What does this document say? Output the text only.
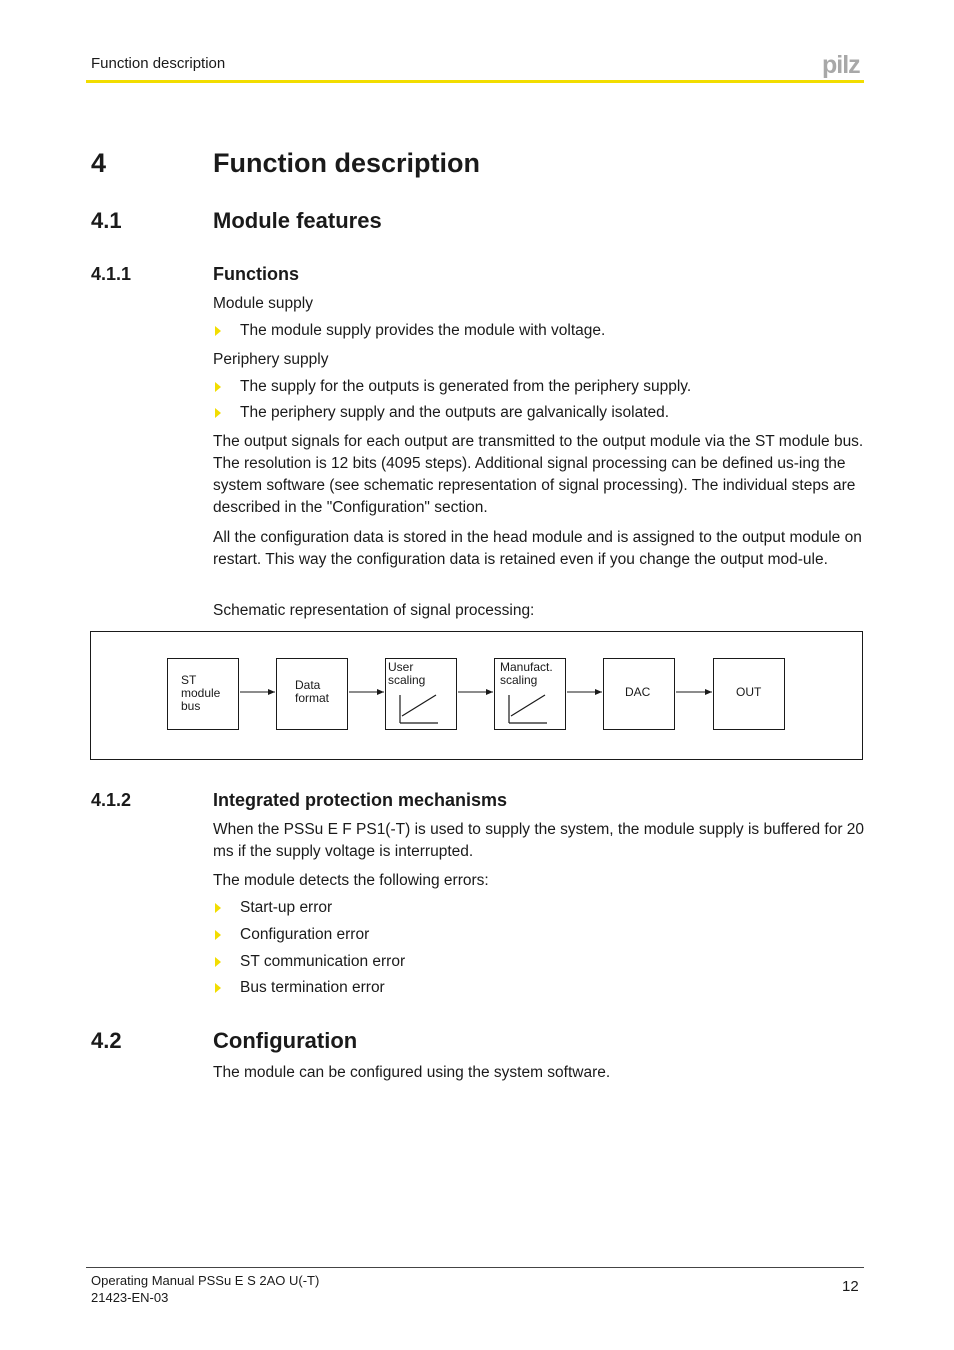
Function description	pilz
4	Function description
4.1	Module features
4.1.1	Functions
Module supply
The module supply provides the module with voltage.
Periphery supply
The supply for the outputs is generated from the periphery supply.
The periphery supply and the outputs are galvanically isolated.
The output signals for each output are transmitted to the output module via the ST module bus. The resolution is 12 bits (4095 steps). Additional signal processing can be defined us-ing the system software (see schematic representation of signal processing). The individual steps are described in the "Configuration" section.
All the configuration data is stored in the head module and is assigned to the output module on restart. This way the configuration data is retained even if you change the output mod-ule.
Schematic representation of signal processing:
ST
module
bus
Data
format
User
scaling
Manufact.
scaling
DAC	OUT
4.1.2	Integrated protection mechanisms
When the PSSu E F PS1(-T) is used to supply the system, the module supply is buffered for 20 ms if the supply voltage is interrupted.
The module detects the following errors:
Start-up error
Configuration error
ST communication error
Bus termination error
4.2	Configuration
The module can be configured using the system software.
Operating Manual PSSu E S 2AO U(-T)
21423-EN-03
12
